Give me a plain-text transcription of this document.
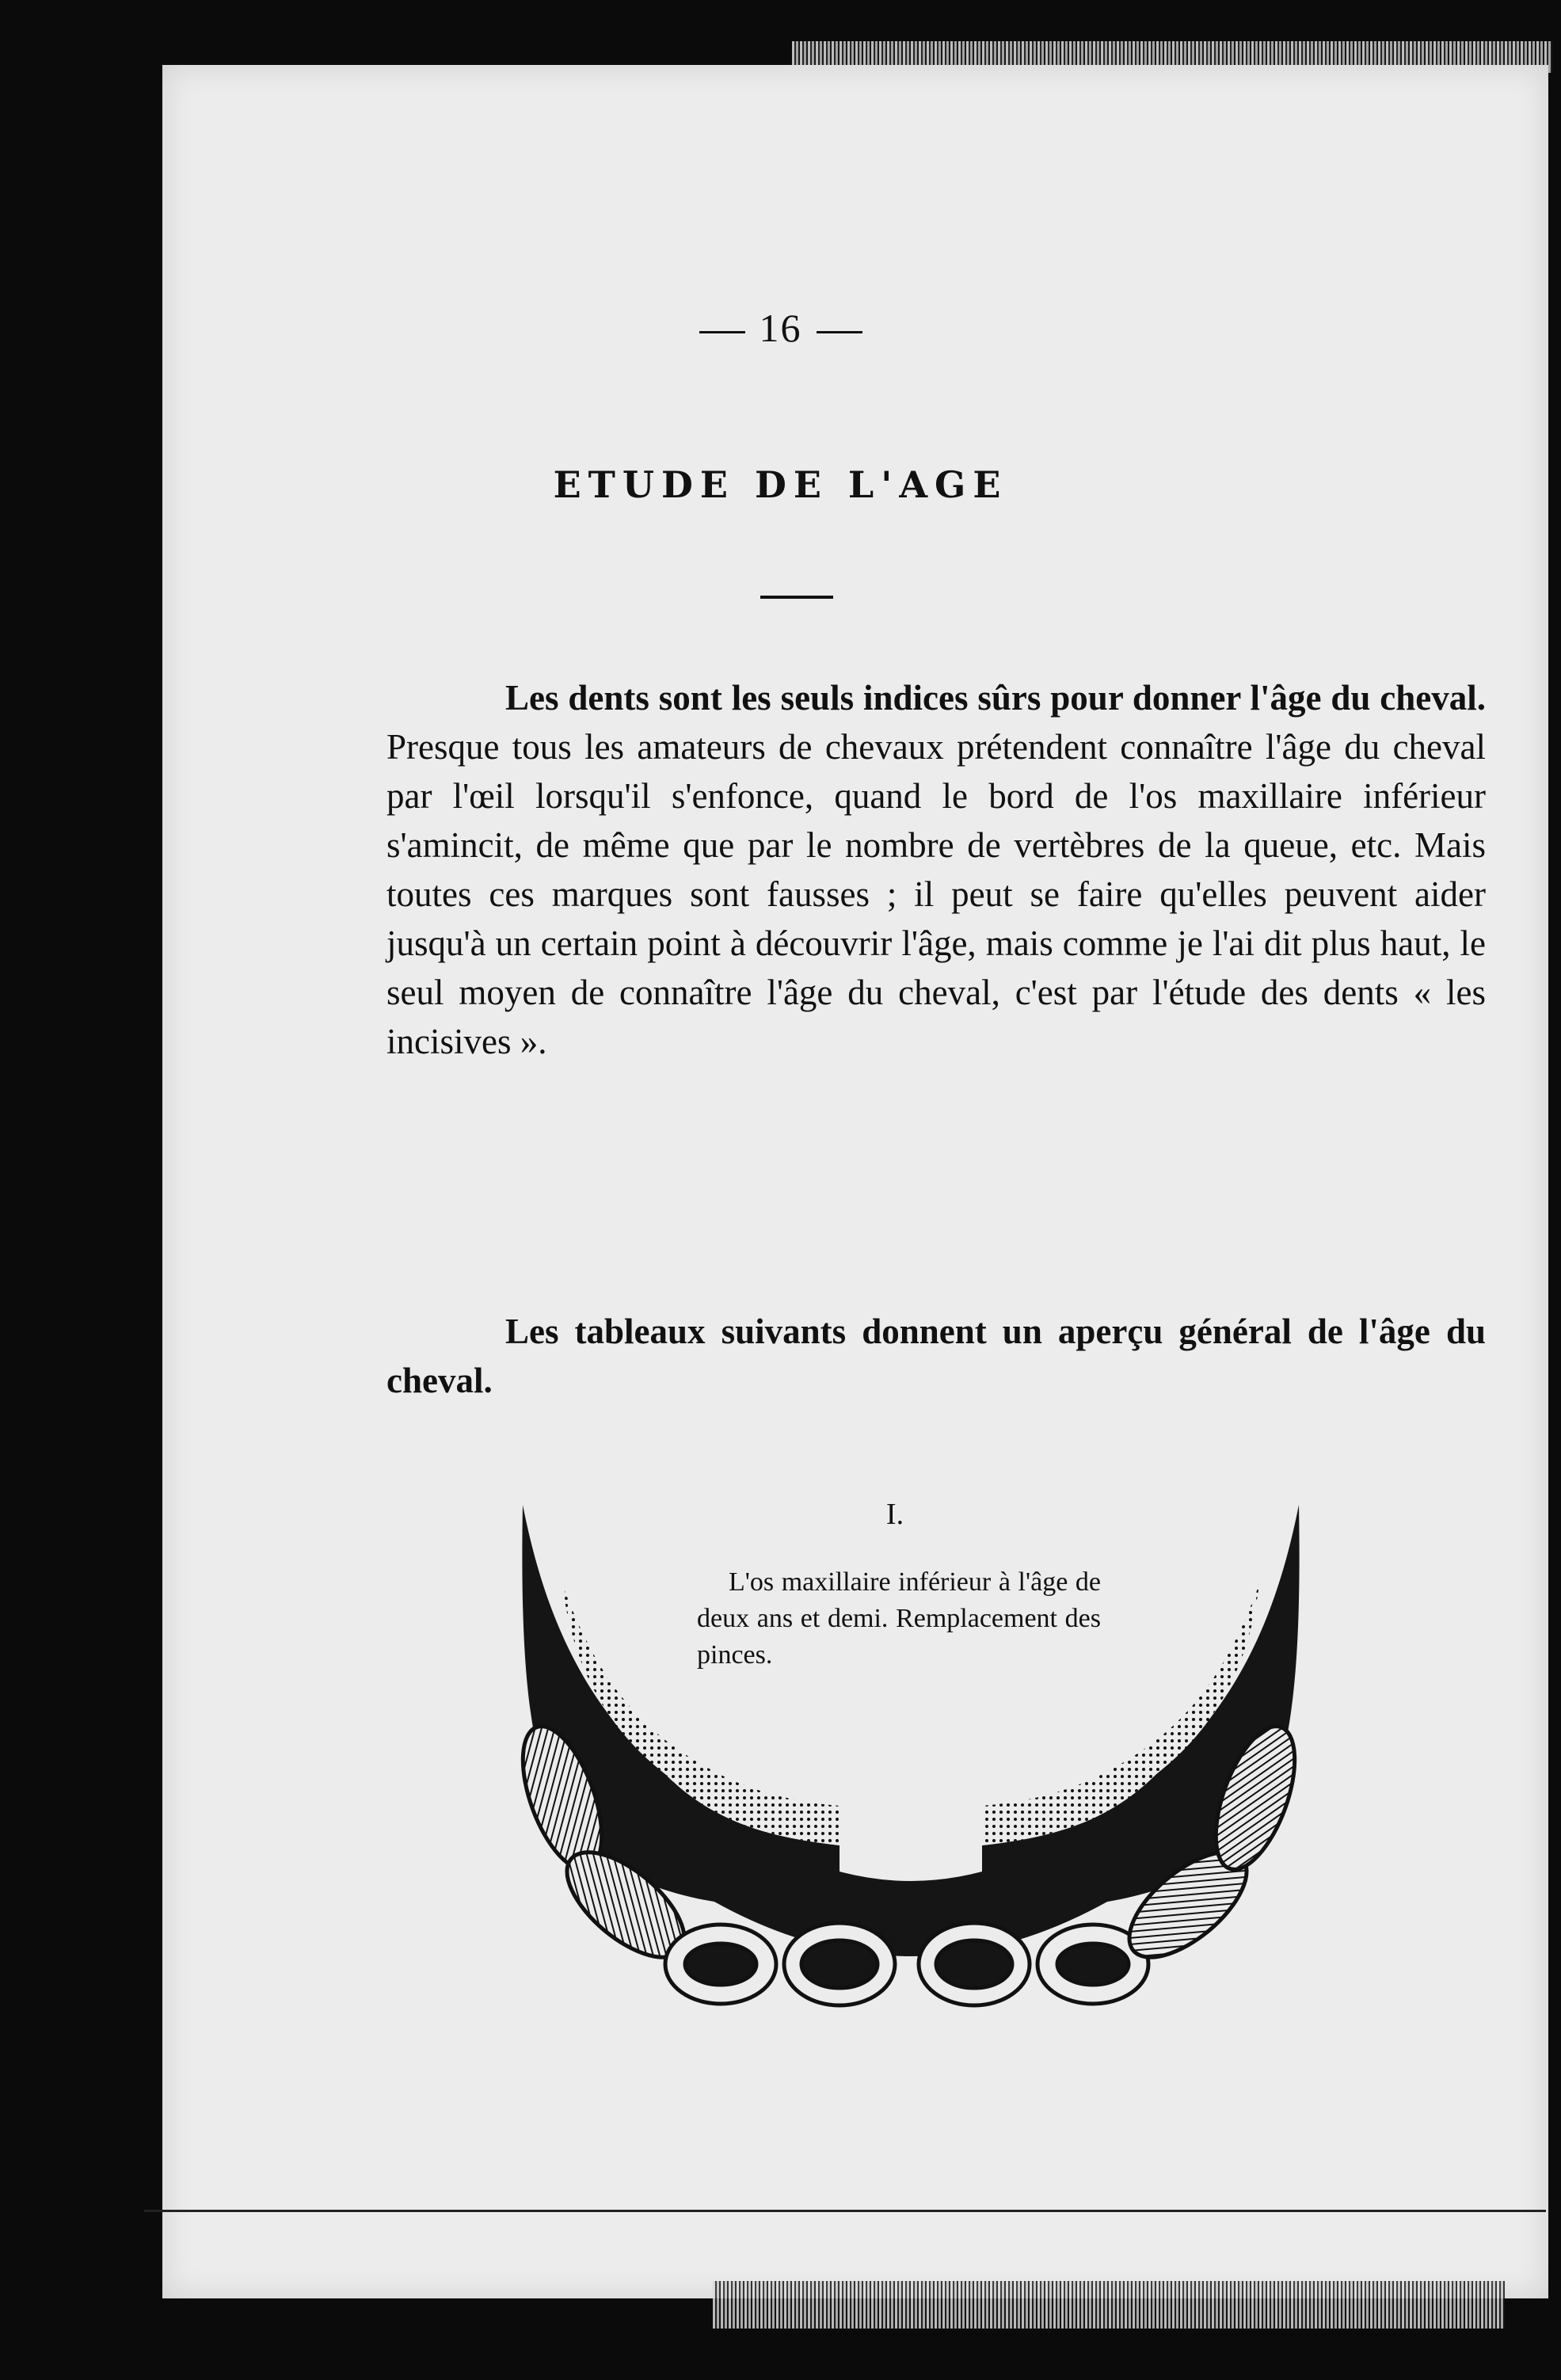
16
ETUDE DE L'AGE

Les dents sont les seuls indices sûrs pour donner l'âge du cheval. Presque tous les amateurs de chevaux prétendent connaître l'âge du cheval par l'œil lorsqu'il s'enfonce, quand le bord de l'os maxillaire inférieur s'amincit, de même que par le nombre de vertèbres de la queue, etc. Mais toutes ces marques sont fausses ; il peut se faire qu'elles peuvent aider jusqu'à un certain point à découvrir l'âge, mais comme je l'ai dit plus haut, le seul moyen de connaître l'âge du cheval, c'est par l'étude des dents « les incisives ».

Les tableaux suivants donnent un aperçu général de l'âge du cheval.

I.

L'os maxillaire inférieur à l'âge de deux ans et demi. Remplacement des pinces.
